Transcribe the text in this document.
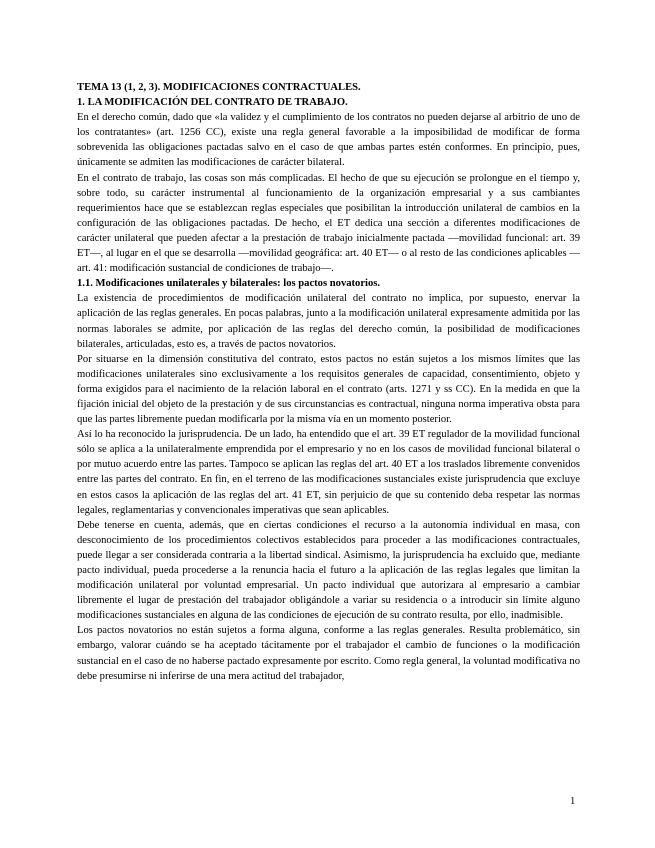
TEMA 13 (1, 2, 3). MODIFICACIONES CONTRACTUALES.
1. LA MODIFICACIÓN DEL CONTRATO DE TRABAJO.

En el derecho común, dado que «la validez y el cumplimiento de los contratos no pueden dejarse al arbitrio de uno de los contratantes» (art. 1256 CC), existe una regla general favorable a la imposibilidad de modificar de forma sobrevenida las obligaciones pactadas salvo en el caso de que ambas partes estén conformes. En principio, pues, únicamente se admiten las modificaciones de carácter bilateral.

En el contrato de trabajo, las cosas son más complicadas. El hecho de que su ejecución se prolongue en el tiempo y, sobre todo, su carácter instrumental al funcionamiento de la organización empresarial y a sus cambiantes requerimientos hace que se establezcan reglas especiales que posibilitan la introducción unilateral de cambios en la configuración de las obligaciones pactadas. De hecho, el ET dedica una sección a diferentes modificaciones de carácter unilateral que pueden afectar a la prestación de trabajo inicialmente pactada —movilidad funcional: art. 39 ET—, al lugar en el que se desarrolla —movilidad geográfica: art. 40 ET— o al resto de las condiciones aplicables —art. 41: modificación sustancial de condiciones de trabajo—.

1.1. Modificaciones unilaterales y bilaterales: los pactos novatorios.

La existencia de procedimientos de modificación unilateral del contrato no implica, por supuesto, enervar la aplicación de las reglas generales. En pocas palabras, junto a la modificación unilateral expresamente admitida por las normas laborales se admite, por aplicación de las reglas del derecho común, la posibilidad de modificaciones bilaterales, articuladas, esto es, a través de pactos novatorios.

Por situarse en la dimensión constitutiva del contrato, estos pactos no están sujetos a los mismos límites que las modificaciones unilaterales sino exclusivamente a los requisitos generales de capacidad, consentimiento, objeto y forma exigidos para el nacimiento de la relación laboral en el contrato (arts. 1271 y ss CC). En la medida en que la fijación inicial del objeto de la prestación y de sus circunstancias es contractual, ninguna norma imperativa obsta para que las partes libremente puedan modificarla por la misma vía en un momento posterior.

Así lo ha reconocido la jurisprudencia. De un lado, ha entendido que el art. 39 ET regulador de la movilidad funcional sólo se aplica a la unilateralmente emprendida por el empresario y no en los casos de movilidad funcional bilateral o por mutuo acuerdo entre las partes. Tampoco se aplican las reglas del art. 40 ET a los traslados libremente convenidos entre las partes del contrato. En fin, en el terreno de las modificaciones sustanciales existe jurisprudencia que excluye en estos casos la aplicación de las reglas del art. 41 ET, sin perjuicio de que su contenido deba respetar las normas legales, reglamentarias y convencionales imperativas que sean aplicables.

Debe tenerse en cuenta, además, que en ciertas condiciones el recurso a la autonomía individual en masa, con desconocimiento de los procedimientos colectivos establecidos para proceder a las modificaciones contractuales, puede llegar a ser considerada contraria a la libertad sindical. Asimismo, la jurisprudencia ha excluido que, mediante pacto individual, pueda procederse a la renuncia hacia el futuro a la aplicación de las reglas legales que limitan la modificación unilateral por voluntad empresarial. Un pacto individual que autorizara al empresario a cambiar libremente el lugar de prestación del trabajador obligándole a variar su residencia o a introducir sin límite alguno modificaciones sustanciales en alguna de las condiciones de ejecución de su contrato resulta, por ello, inadmisible.

Los pactos novatorios no están sujetos a forma alguna, conforme a las reglas generales. Resulta problemático, sin embargo, valorar cuándo se ha aceptado tácitamente por el trabajador el cambio de funciones o la modificación sustancial en el caso de no haberse pactado expresamente por escrito. Como regla general, la voluntad modificativa no debe presumirse ni inferirse de una mera actitud del trabajador,

1
